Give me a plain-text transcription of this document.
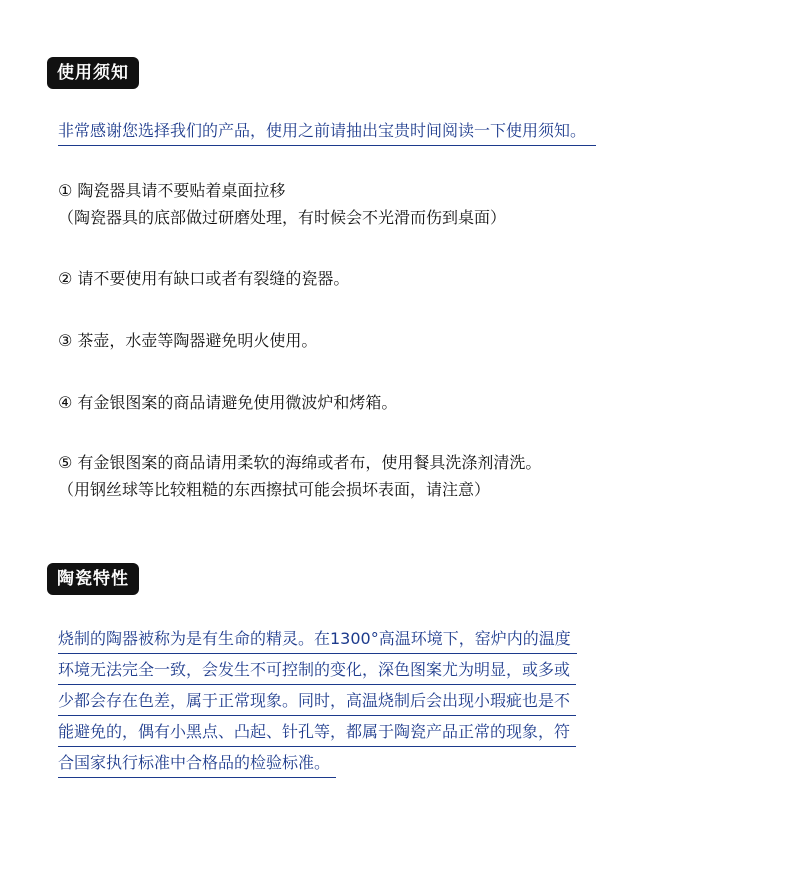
使用须知
非常感谢您选择我们的产品，使用之前请抽出宝贵时间阅读一下使用须知。
① 陶瓷器具请不要贴着桌面拉移
（陶瓷器具的底部做过研磨处理，有时候会不光滑而伤到桌面）
② 请不要使用有缺口或者有裂缝的瓷器。
③ 茶壶，水壶等陶器避免明火使用。
④ 有金银图案的商品请避免使用微波炉和烤箱。
⑤ 有金银图案的商品请用柔软的海绵或者布，使用餐具洗涤剂清洗。
（用钢丝球等比较粗糙的东西擦拭可能会损坏表面，请注意）
陶瓷特性
烧制的陶器被称为是有生命的精灵。在1300°高温环境下，窑炉内的温度
环境无法完全一致，会发生不可控制的变化，深色图案尤为明显，或多或
少都会存在色差，属于正常现象。同时，高温烧制后会出现小瑕疵也是不
能避免的，偶有小黑点、凸起、针孔等，都属于陶瓷产品正常的现象，符
合国家执行标准中合格品的检验标准。
